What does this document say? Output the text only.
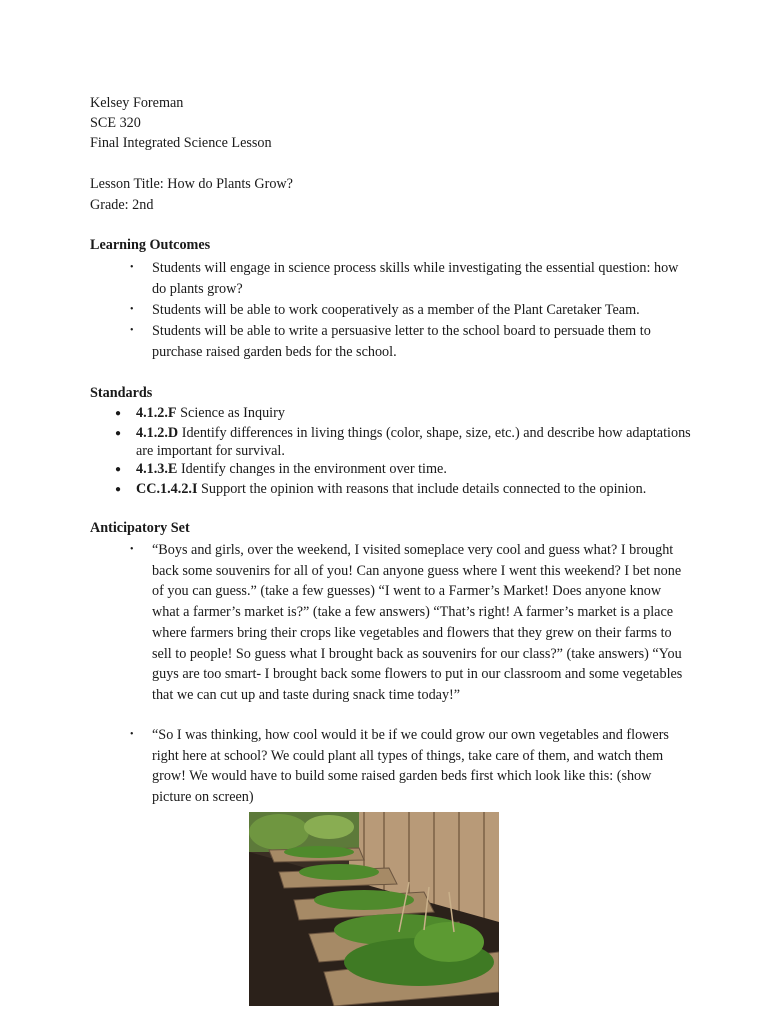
Kelsey Foreman
SCE 320
Final Integrated Science Lesson
Lesson Title: How do Plants Grow?
Grade: 2nd
Learning Outcomes
• Students will engage in science process skills while investigating the essential question: how do plants grow?
• Students will be able to work cooperatively as a member of the Plant Caretaker Team.
• Students will be able to write a persuasive letter to the school board to persuade them to purchase raised garden beds for the school.
Standards
● 4.1.2.F Science as Inquiry
● 4.1.2.D Identify differences in living things (color, shape, size, etc.) and describe how adaptations are important for survival.
● 4.1.3.E Identify changes in the environment over time.
● CC.1.4.2.I Support the opinion with reasons that include details connected to the opinion.
Anticipatory Set
• “Boys and girls, over the weekend, I visited someplace very cool and guess what? I brought back some souvenirs for all of you! Can anyone guess where I went this weekend? I bet none of you can guess.” (take a few guesses) “I went to a Farmer’s Market! Does anyone know what a farmer’s market is?” (take a few answers) “That’s right! A farmer’s market is a place where farmers bring their crops like vegetables and flowers that they grew on their farms to sell to people! So guess what I brought back as souvenirs for our class?” (take answers) “You guys are too smart- I brought back some flowers to put in our classroom and some vegetables that we can cut up and taste during snack time today!”
• “So I was thinking, how cool would it be if we could grow our own vegetables and flowers right here at school? We could plant all types of things, take care of them, and watch them grow! We would have to build some raised garden beds first which look like this: (show picture on screen)
